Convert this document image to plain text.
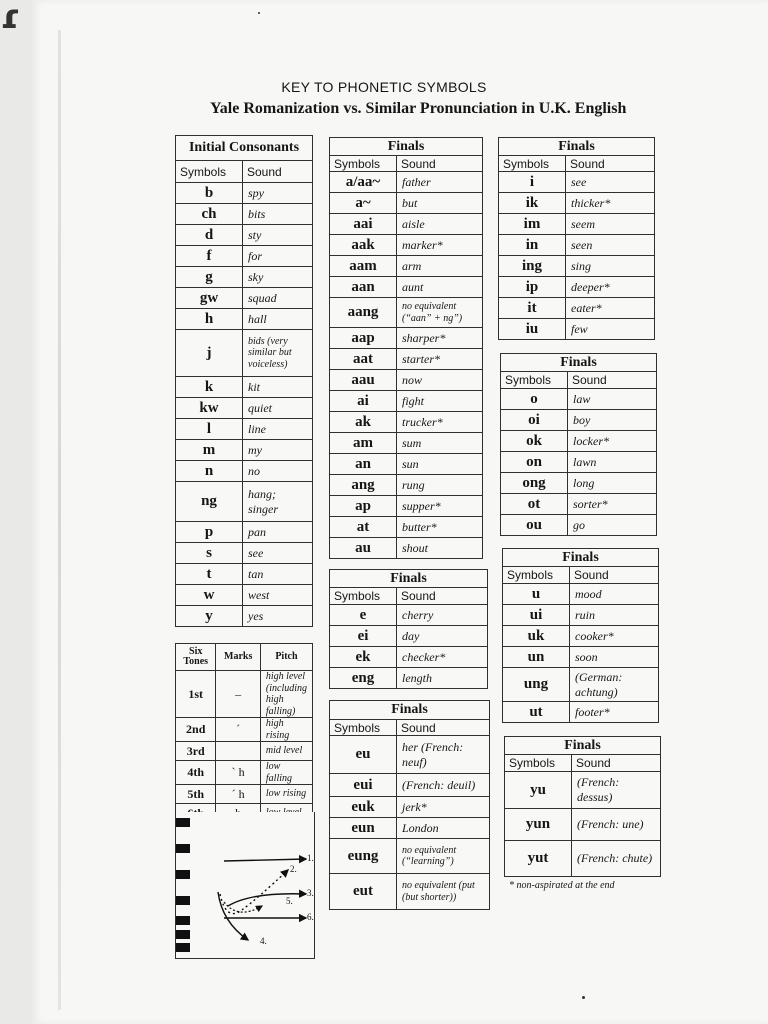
ɾ
KEY TO PHONETIC SYMBOLS
Yale Romanization vs. Similar Pronunciation in U.K. English
Initial Consonants	
Symbols	Sound
b	spy
ch	bits
d	sty
f	for
g	sky
gw	squad
h	hall
j	bids (very similar but voiceless)
k	kit
kw	quiet
l	line
m	my
n	no
ng	hang; singer
p	pan
s	see
t	tan
w	west
y	yes
Six Tones	Marks	Pitch
1st	–	high level (including high falling)
2nd	´	high rising
3rd		mid level
4th	` h	low falling
5th	´ h	low rising

1.
2.
3.
4.
5.
6.
Finals	
Symbols	Sound
a/aa~	father
a~	but
aai	aisle
aak	marker*
aam	arm
aan	aunt
aang	no equivalent (“aan” + ng”)
aap	sharper*
aat	starter*
aau	now
ai	fight
ak	trucker*
am	sum
an	sun
ang	rung
ap	supper*
at	butter*
au	shout
Finals	
Symbols	Sound
e	cherry
ei	day
ek	checker*
eng	length
Finals	
Symbols	Sound
eu	her (French: neuf)
eui	(French: deuil)
euk	jerk*
eun	London
eung	no equivalent (“learning”)
eut	no equivalent (put (but shorter))
Finals	
Symbols	Sound
i	see
ik	thicker*
im	seem
in	seen
ing	sing
ip	deeper*
it	eater*
iu	few
Finals	
Symbols	Sound
o	law
oi	boy
ok	locker*
on	lawn
ong	long
ot	sorter*
ou	go
Finals	
Symbols	Sound
u	mood
ui	ruin
uk	cooker*
un	soon
ung	(German: achtung)
ut	footer*
Finals	
Symbols	Sound
yu	(French: dessus)
yun	(French: une)
yut	(French: chute)
* non-aspirated at the end
